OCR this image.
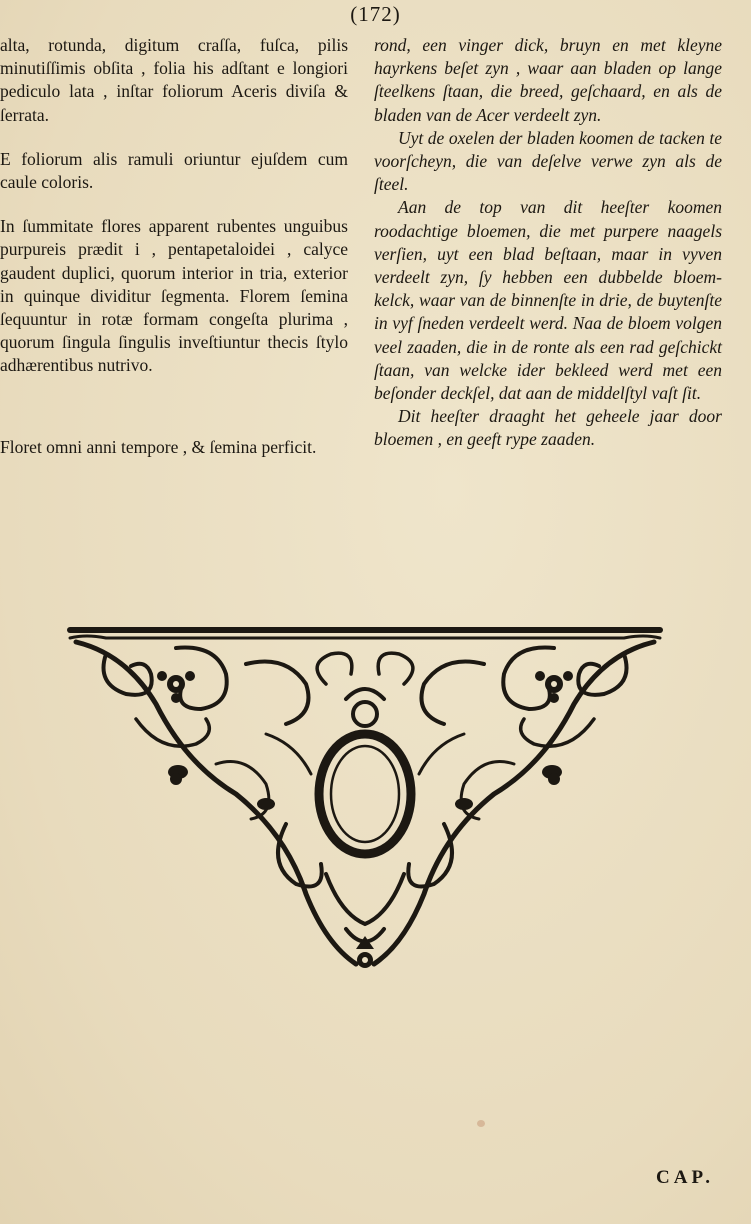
(172)

alta, rotunda, digitum craſſa, fuſca, pilis minutiſſimis obſita , folia his adſtant e longiori pediculo lata , inſtar foliorum Aceris diviſa & ſerrata.

E foliorum alis ramuli oriuntur ejuſdem cum caule coloris.

In ſummitate flores apparent rubentes unguibus purpureis prædit i , pentapetaloidei , calyce gaudent duplici, quorum interior in tria, exterior in quinque dividitur ſegmenta. Florem ſemina ſequuntur in rotæ formam congeſta plurima , quorum ſingula ſingulis inveſtiuntur thecis ſtylo adhærentibus nutrivo.

Floret omni anni tempore , & ſemina perficit.

rond, een vinger dick, bruyn en met kleyne hayrkens beſet zyn , waar aan bladen op lange ſteelkens ſtaan, die breed, geſchaard, en als de bladen van de Acer verdeelt zyn.

Uyt de oxelen der bladen koomen de tacken te voorſcheyn, die van deſelve verwe zyn als de ſteel.

Aan de top van dit heeſter koomen roodachtige bloemen, die met purpere naagels verſien, uyt een blad beſtaan, maar in vyven verdeelt zyn, ſy hebben een dubbelde bloem-kelck, waar van de binnenſte in drie, de buytenſte in vyf ſneden verdeelt werd. Naa de bloem volgen veel zaaden, die in de ronte als een rad geſchickt ſtaan, van welcke ider bekleed werd met een beſonder deckſel, dat aan de middelſtyl vaſt ſit.

Dit heeſter draaght het geheele jaar door bloemen , en geeft rype zaaden.

CAP.
